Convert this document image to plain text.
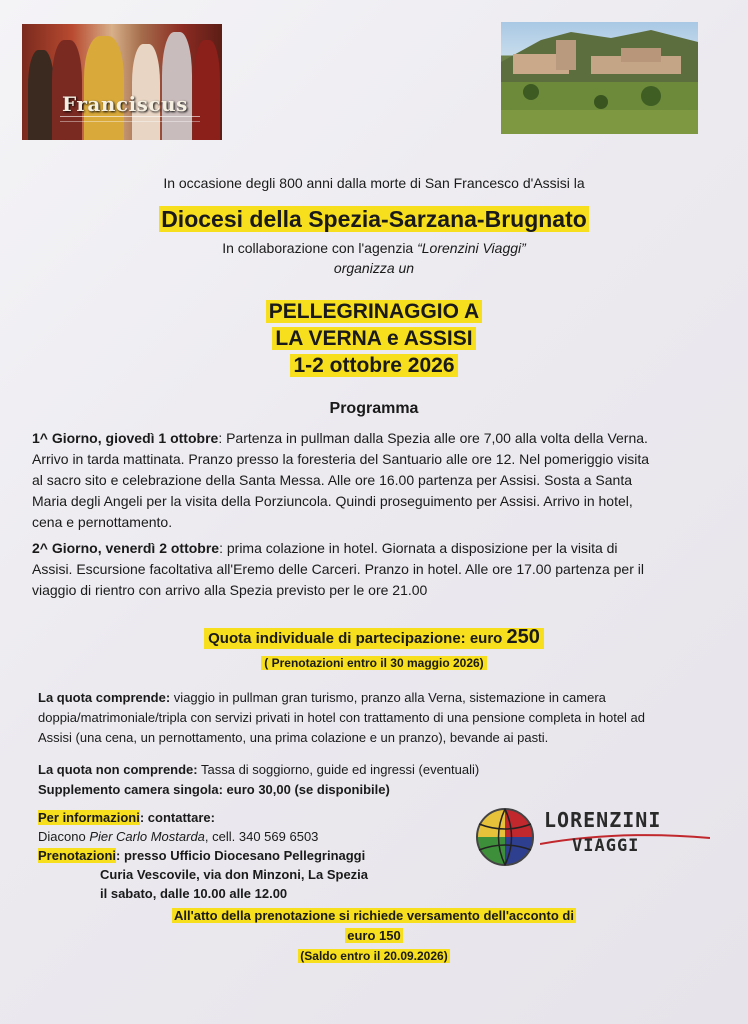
Franciscus
In occasione degli 800 anni dalla morte di San Francesco d'Assisi la
Diocesi della Spezia-Sarzana-Brugnato
In collaborazione con l'agenzia “Lorenzini Viaggi”
organizza un
PELLEGRINAGGIO A
LA VERNA e ASSISI
1-2 ottobre 2026
Programma
1^ Giorno, giovedì 1 ottobre: Partenza in pullman dalla Spezia alle ore 7,00 alla volta della Verna.
Arrivo in tarda mattinata. Pranzo presso la foresteria del Santuario alle ore 12. Nel pomeriggio visita
al sacro sito e celebrazione della Santa Messa. Alle ore 16.00 partenza per Assisi. Sosta a Santa
Maria degli Angeli per la visita della Porziuncola. Quindi proseguimento per Assisi. Arrivo in hotel,
cena e pernottamento.
2^ Giorno, venerdì 2 ottobre: prima colazione in hotel. Giornata a disposizione per la visita di
Assisi. Escursione facoltativa all'Eremo delle Carceri. Pranzo in hotel. Alle ore 17.00 partenza per il
viaggio di rientro con arrivo alla Spezia previsto per le ore 21.00
Quota individuale di partecipazione: euro 250
( Prenotazioni entro il 30 maggio 2026)
La quota comprende: viaggio in pullman gran turismo, pranzo alla Verna, sistemazione in camera
doppia/matrimoniale/tripla con servizi privati in hotel con trattamento di una pensione completa in hotel ad
Assisi (una cena, un pernottamento, una prima colazione e un pranzo), bevande ai pasti.
La quota non comprende: Tassa di soggiorno, guide ed ingressi (eventuali)
Supplemento camera singola: euro 30,00 (se disponibile)
Per informazioni: contattare:
Diacono Pier Carlo Mostarda, cell. 340 569 6503
Prenotazioni: presso Ufficio Diocesano Pellegrinaggi
Curia Vescovile, via don Minzoni, La Spezia
il sabato, dalle 10.00 alle 12.00
LORENZINI
VIAGGI
All'atto della prenotazione si richiede versamento dell'acconto di
euro 150
(Saldo entro il 20.09.2026)
